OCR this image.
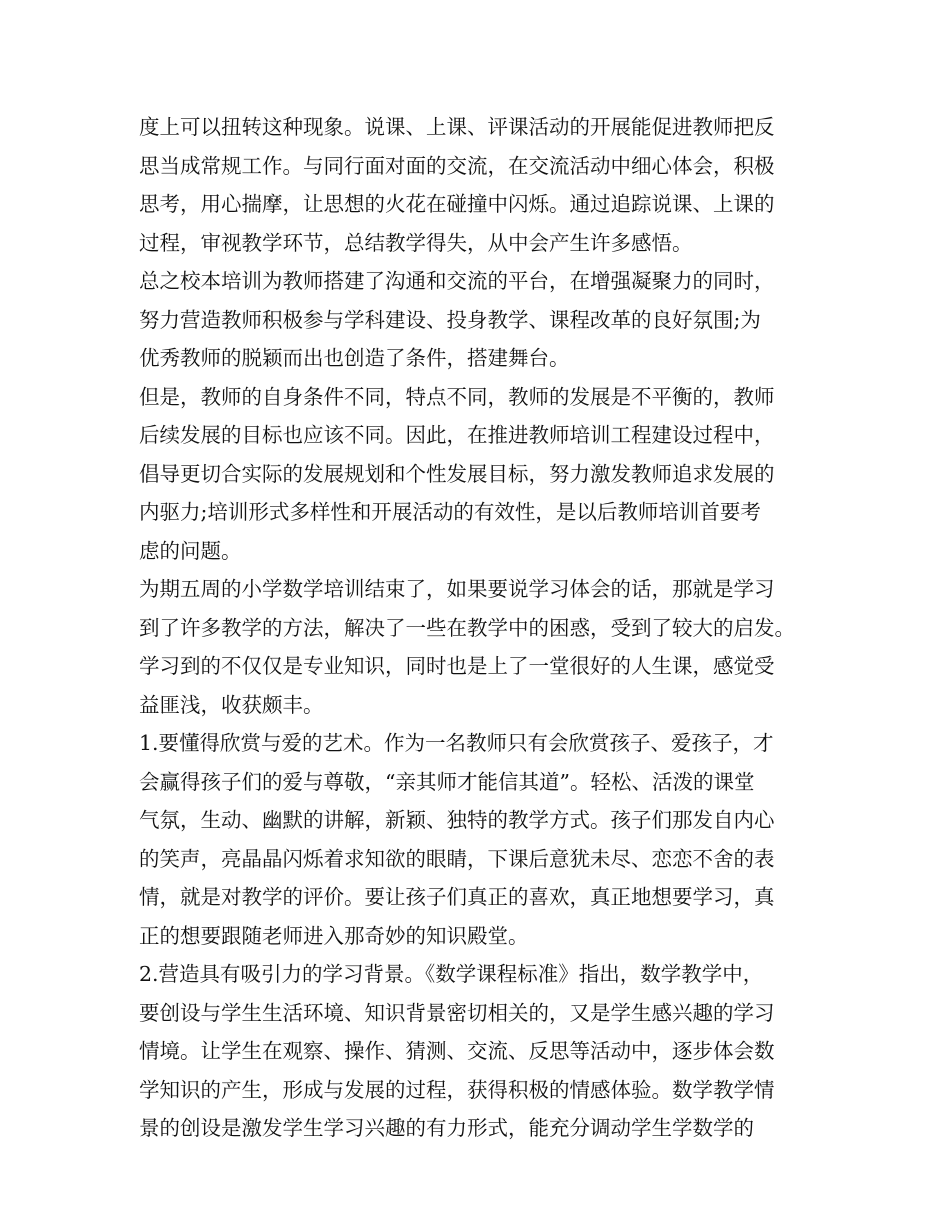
度上可以扭转这种现象。说课、上课、评课活动的开展能促进教师把反
思当成常规工作。与同行面对面的交流，在交流活动中细心体会，积极
思考，用心揣摩，让思想的火花在碰撞中闪烁。通过追踪说课、上课的
过程，审视教学环节，总结教学得失，从中会产生许多感悟。
总之校本培训为教师搭建了沟通和交流的平台，在增强凝聚力的同时，
努力营造教师积极参与学科建设、投身教学、课程改革的良好氛围;为
优秀教师的脱颖而出也创造了条件，搭建舞台。
但是，教师的自身条件不同，特点不同，教师的发展是不平衡的，教师
后续发展的目标也应该不同。因此，在推进教师培训工程建设过程中，
倡导更切合实际的发展规划和个性发展目标，努力激发教师追求发展的
内驱力;培训形式多样性和开展活动的有效性，是以后教师培训首要考
虑的问题。
为期五周的小学数学培训结束了，如果要说学习体会的话，那就是学习
到了许多教学的方法，解决了一些在教学中的困惑，受到了较大的启发。
学习到的不仅仅是专业知识，同时也是上了一堂很好的人生课，感觉受
益匪浅，收获颇丰。
1.要懂得欣赏与爱的艺术。作为一名教师只有会欣赏孩子、爱孩子，才
会赢得孩子们的爱与尊敬，“亲其师才能信其道”。轻松、活泼的课堂
气氛，生动、幽默的讲解，新颖、独特的教学方式。孩子们那发自内心
的笑声，亮晶晶闪烁着求知欲的眼睛，下课后意犹未尽、恋恋不舍的表
情，就是对教学的评价。要让孩子们真正的喜欢，真正地想要学习，真
正的想要跟随老师进入那奇妙的知识殿堂。
2.营造具有吸引力的学习背景。《数学课程标准》指出，数学教学中，
要创设与学生生活环境、知识背景密切相关的，又是学生感兴趣的学习
情境。让学生在观察、操作、猜测、交流、反思等活动中，逐步体会数
学知识的产生，形成与发展的过程，获得积极的情感体验。数学教学情
景的创设是激发学生学习兴趣的有力形式，能充分调动学生学数学的
